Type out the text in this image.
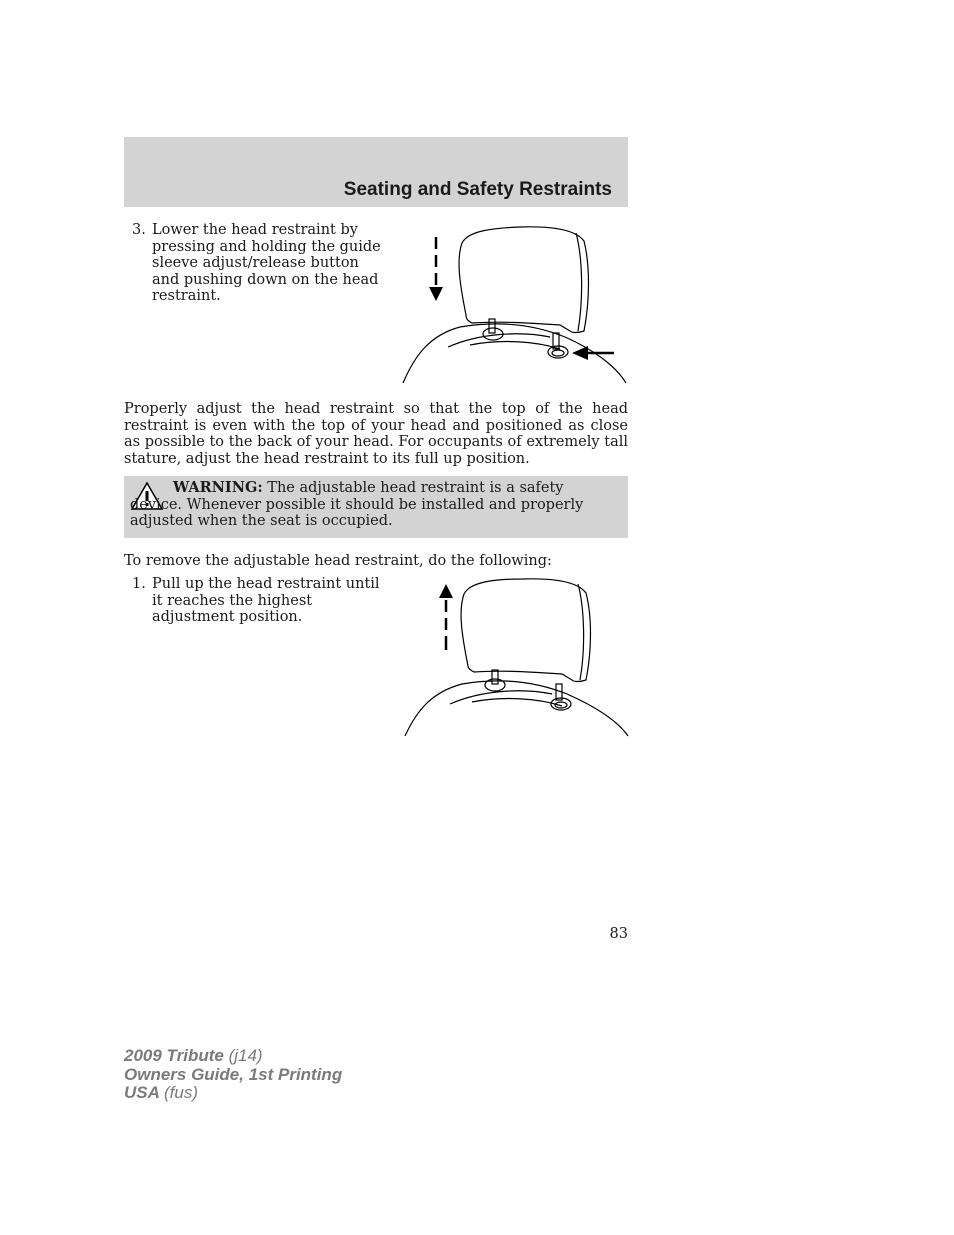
Seating and Safety Restraints
3. Lower the head restraint by pressing and holding the guide sleeve adjust/release button and pushing down on the head restraint.
Properly adjust the head restraint so that the top of the head restraint is even with the top of your head and positioned as close as possible to the back of your head. For occupants of extremely tall stature, adjust the head restraint to its full up position.
WARNING: The adjustable head restraint is a safety device. Whenever possible it should be installed and properly adjusted when the seat is occupied.
To remove the adjustable head restraint, do the following:
1. Pull up the head restraint until it reaches the highest adjustment position.
83
2009 Tribute (j14)
Owners Guide, 1st Printing
USA (fus)
